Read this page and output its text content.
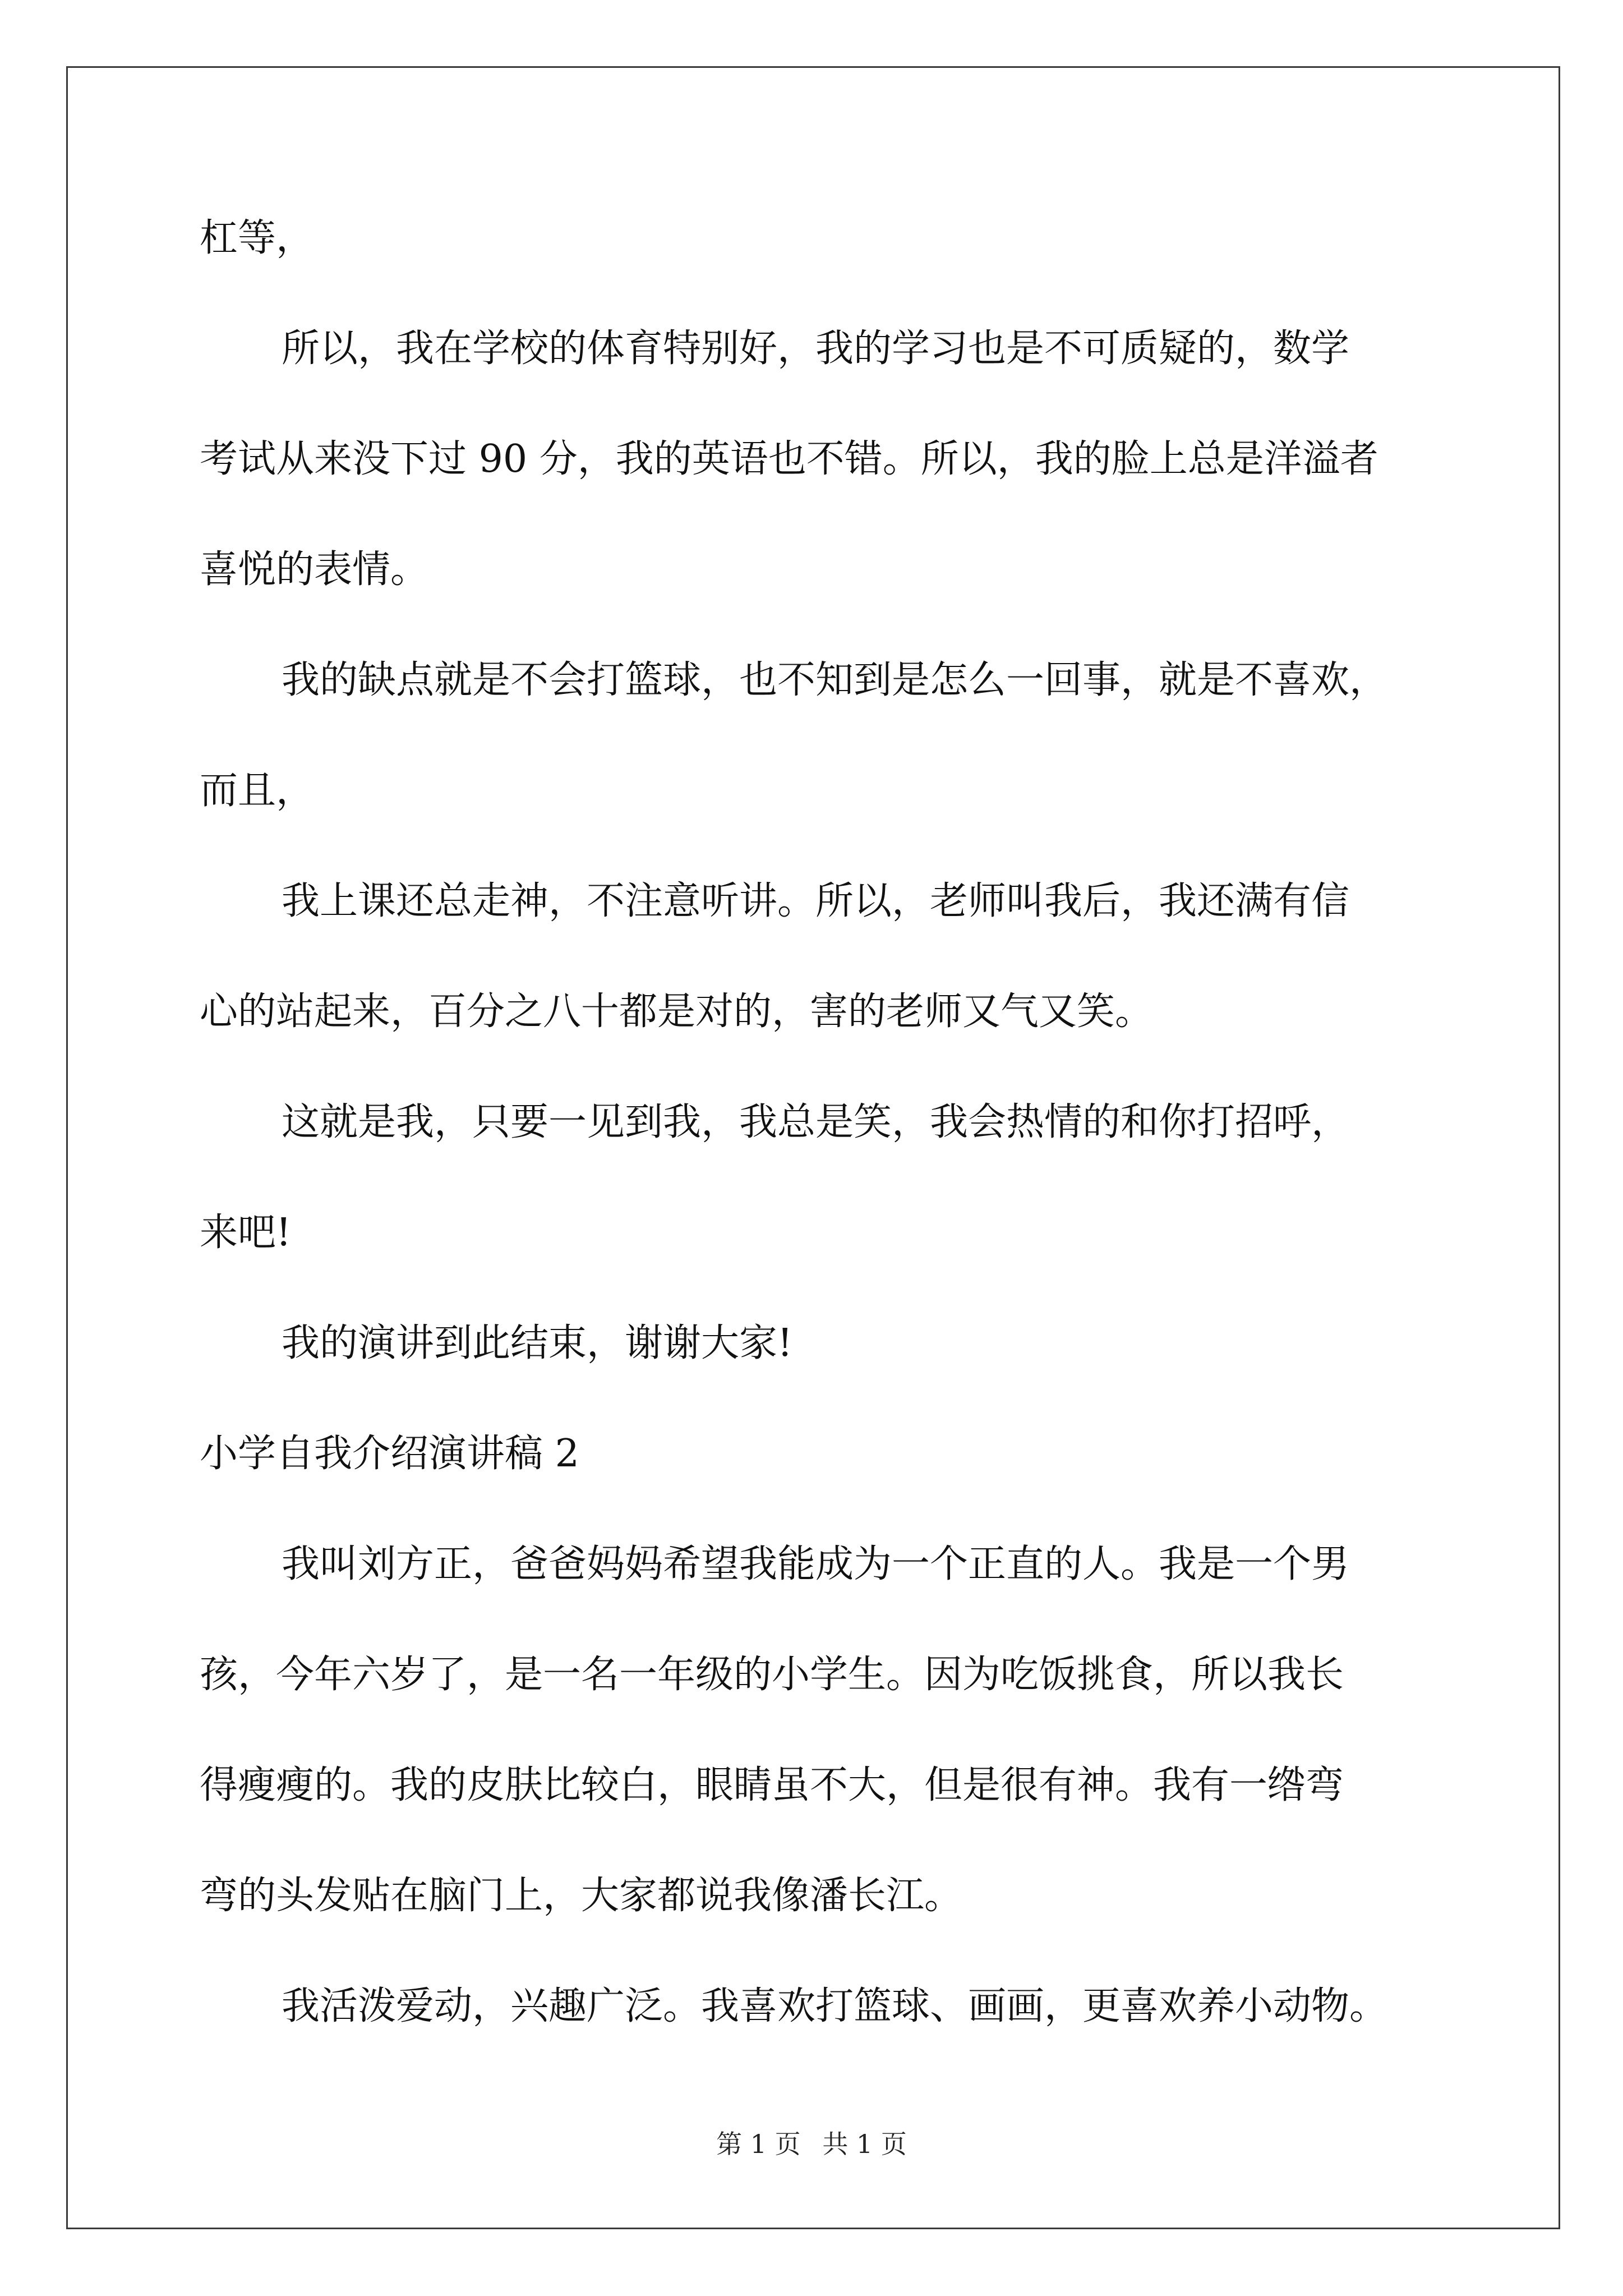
杠等，
所以，我在学校的体育特别好，我的学习也是不可质疑的，数学
考试从来没下过 90 分，我的英语也不错。所以，我的脸上总是洋溢者
喜悦的表情。
我的缺点就是不会打篮球，也不知到是怎么一回事，就是不喜欢，
而且，
我上课还总走神，不注意听讲。所以，老师叫我后，我还满有信
心的站起来，百分之八十都是对的，害的老师又气又笑。
这就是我，只要一见到我，我总是笑，我会热情的和你打招呼，
来吧!
我的演讲到此结束，谢谢大家!
小学自我介绍演讲稿 2
我叫刘方正，爸爸妈妈希望我能成为一个正直的人。我是一个男
孩，今年六岁了，是一名一年级的小学生。因为吃饭挑食，所以我长
得瘦瘦的。我的皮肤比较白，眼睛虽不大，但是很有神。我有一绺弯
弯的头发贴在脑门上，大家都说我像潘长江。
我活泼爱动，兴趣广泛。我喜欢打篮球、画画，更喜欢养小动物。
第 1 页 共 1 页
